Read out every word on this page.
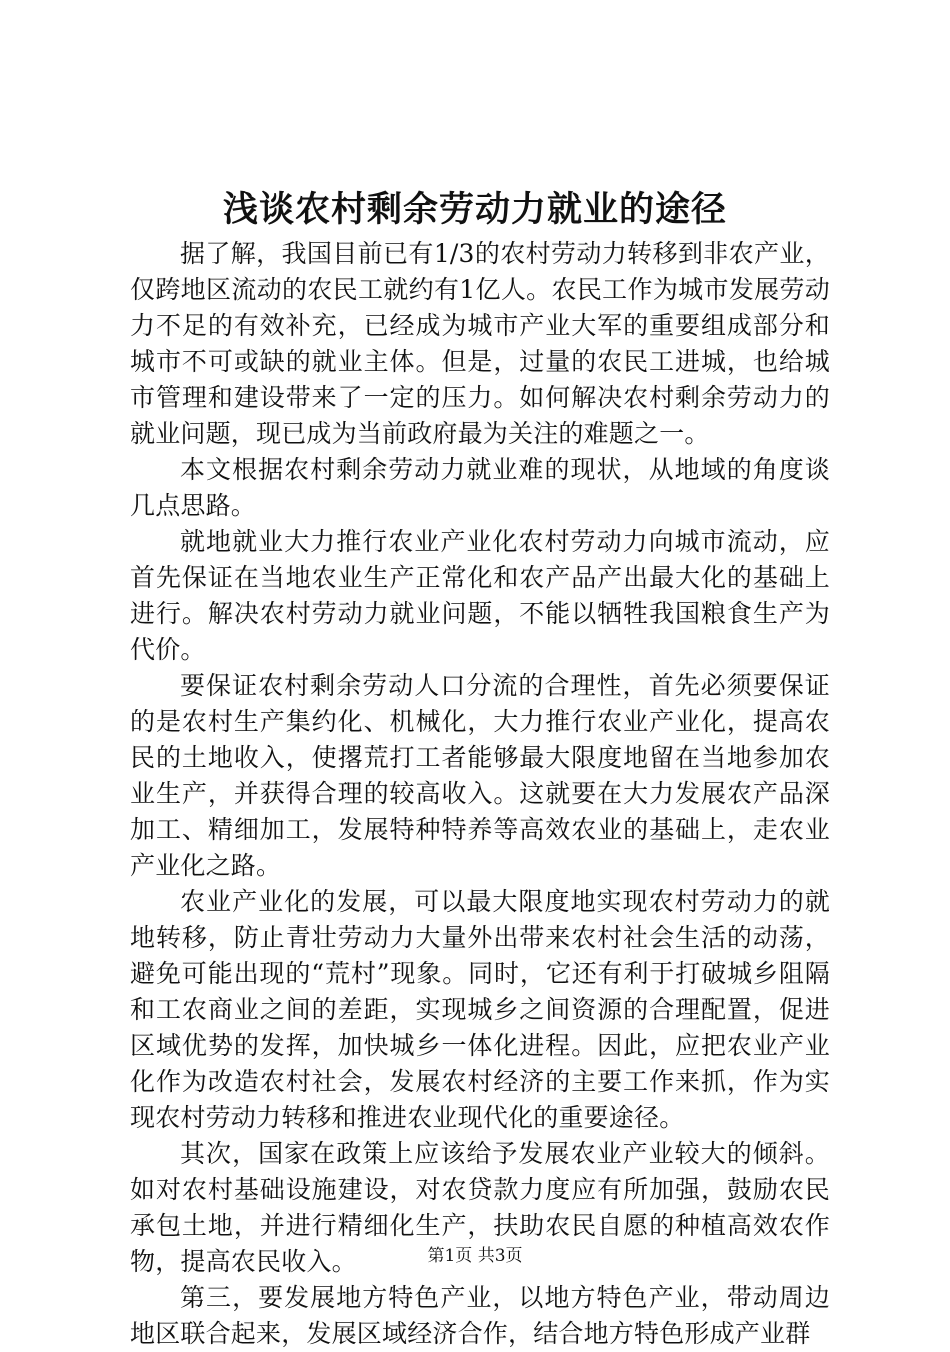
浅谈农村剩余劳动力就业的途径

据了解，我国目前已有1/3的农村劳动力转移到非农产业，仅跨地区流动的农民工就约有1亿人。农民工作为城市发展劳动力不足的有效补充，已经成为城市产业大军的重要组成部分和城市不可或缺的就业主体。但是，过量的农民工进城，也给城市管理和建设带来了一定的压力。如何解决农村剩余劳动力的就业问题，现已成为当前政府最为关注的难题之一。

本文根据农村剩余劳动力就业难的现状，从地域的角度谈几点思路。

就地就业大力推行农业产业化农村劳动力向城市流动，应首先保证在当地农业生产正常化和农产品产出最大化的基础上进行。解决农村劳动力就业问题，不能以牺牲我国粮食生产为代价。

要保证农村剩余劳动人口分流的合理性，首先必须要保证的是农村生产集约化、机械化，大力推行农业产业化，提高农民的土地收入，使撂荒打工者能够最大限度地留在当地参加农业生产，并获得合理的较高收入。这就要在大力发展农产品深加工、精细加工，发展特种特养等高效农业的基础上，走农业产业化之路。

农业产业化的发展，可以最大限度地实现农村劳动力的就地转移，防止青壮劳动力大量外出带来农村社会生活的动荡，避免可能出现的“荒村”现象。同时，它还有利于打破城乡阻隔和工农商业之间的差距，实现城乡之间资源的合理配置，促进区域优势的发挥，加快城乡一体化进程。因此，应把农业产业化作为改造农村社会，发展农村经济的主要工作来抓，作为实现农村劳动力转移和推进农业现代化的重要途径。

其次，国家在政策上应该给予发展农业产业较大的倾斜。如对农村基础设施建设，对农贷款力度应有所加强，鼓励农民承包土地，并进行精细化生产，扶助农民自愿的种植高效农作物，提高农民收入。

第三，要发展地方特色产业，以地方特色产业，带动周边地区联合起来，发展区域经济合作，结合地方特色形成产业群

第1页 共3页
